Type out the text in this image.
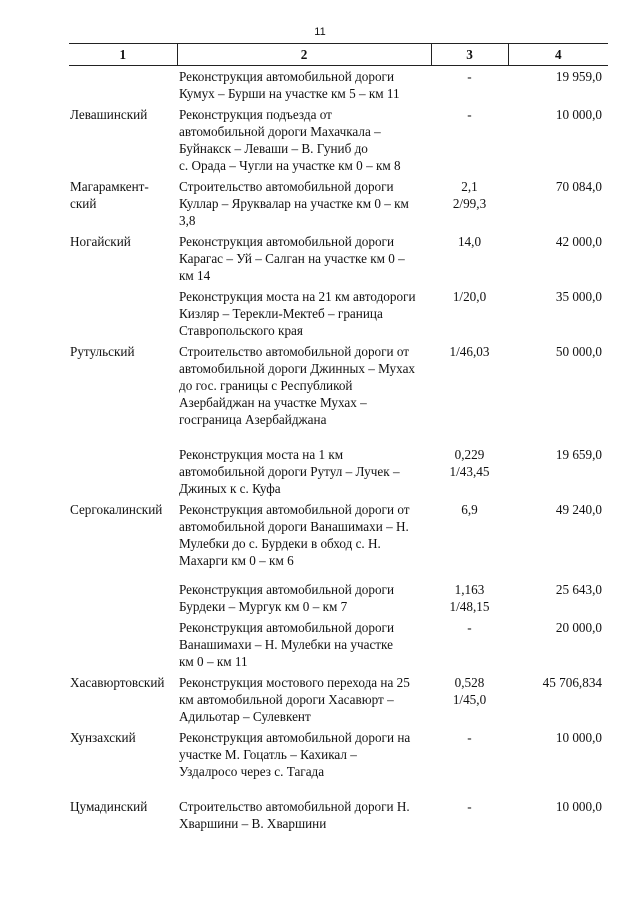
11
1	2	3	4

	Реконструкция автомобильной дороги
Кумух – Бурши на участке км 5 – км 11	-	19 959,0

Левашинский	Реконструкция подъезда от
автомобильной дороги Махачкала –
Буйнакск – Леваши – В. Гуниб до
с. Орада – Чугли на участке км 0 – км 8	-	10 000,0

Магарамкент-
ский	Строительство автомобильной дороги
Куллар – Яруквалар на участке км 0 – км
3,8	2,1
2/99,3	70 084,0

Ногайский	Реконструкция автомобильной дороги
Карагас – Уй – Салган на участке км 0 –
км 14	14,0	42 000,0

	Реконструкция моста на 21 км автодороги
Кизляр – Терекли-Мектеб – граница
Ставропольского края	1/20,0	35 000,0

Рутульский	Строительство автомобильной дороги от
автомобильной дороги Джинных – Мухах
до гос. границы с Республикой
Азербайджан на участке Мухах –
госграница Азербайджана	1/46,03	50 000,0

	Реконструкция моста на 1 км
автомобильной дороги Рутул – Лучек –
Джиных к с. Куфа	0,229
1/43,45	19 659,0

Сергокалинский	Реконструкция автомобильной дороги от
автомобильной дороги Ванашимахи – Н.
Мулебки до с. Бурдеки в обход с. Н.
Махарги км 0 – км 6	6,9	49 240,0

	Реконструкция автомобильной дороги
Бурдеки – Мургук км 0 – км 7	1,163
1/48,15	25 643,0

	Реконструкция автомобильной дороги
Ванашимахи – Н. Мулебки на участке
км 0 – км 11	-	20 000,0

Хасавюртовский	Реконструкция мостового перехода на 25
км автомобильной дороги Хасавюрт –
Адильотар – Сулевкент	0,528
1/45,0	45 706,834

Хунзахский	Реконструкция автомобильной дороги на
участке М. Гоцатль – Кахикал –
Уздалросо через с. Тагада	-	10 000,0

Цумадинский	Строительство автомобильной дороги Н.
Хваршини – В. Хваршини	-	10 000,0
